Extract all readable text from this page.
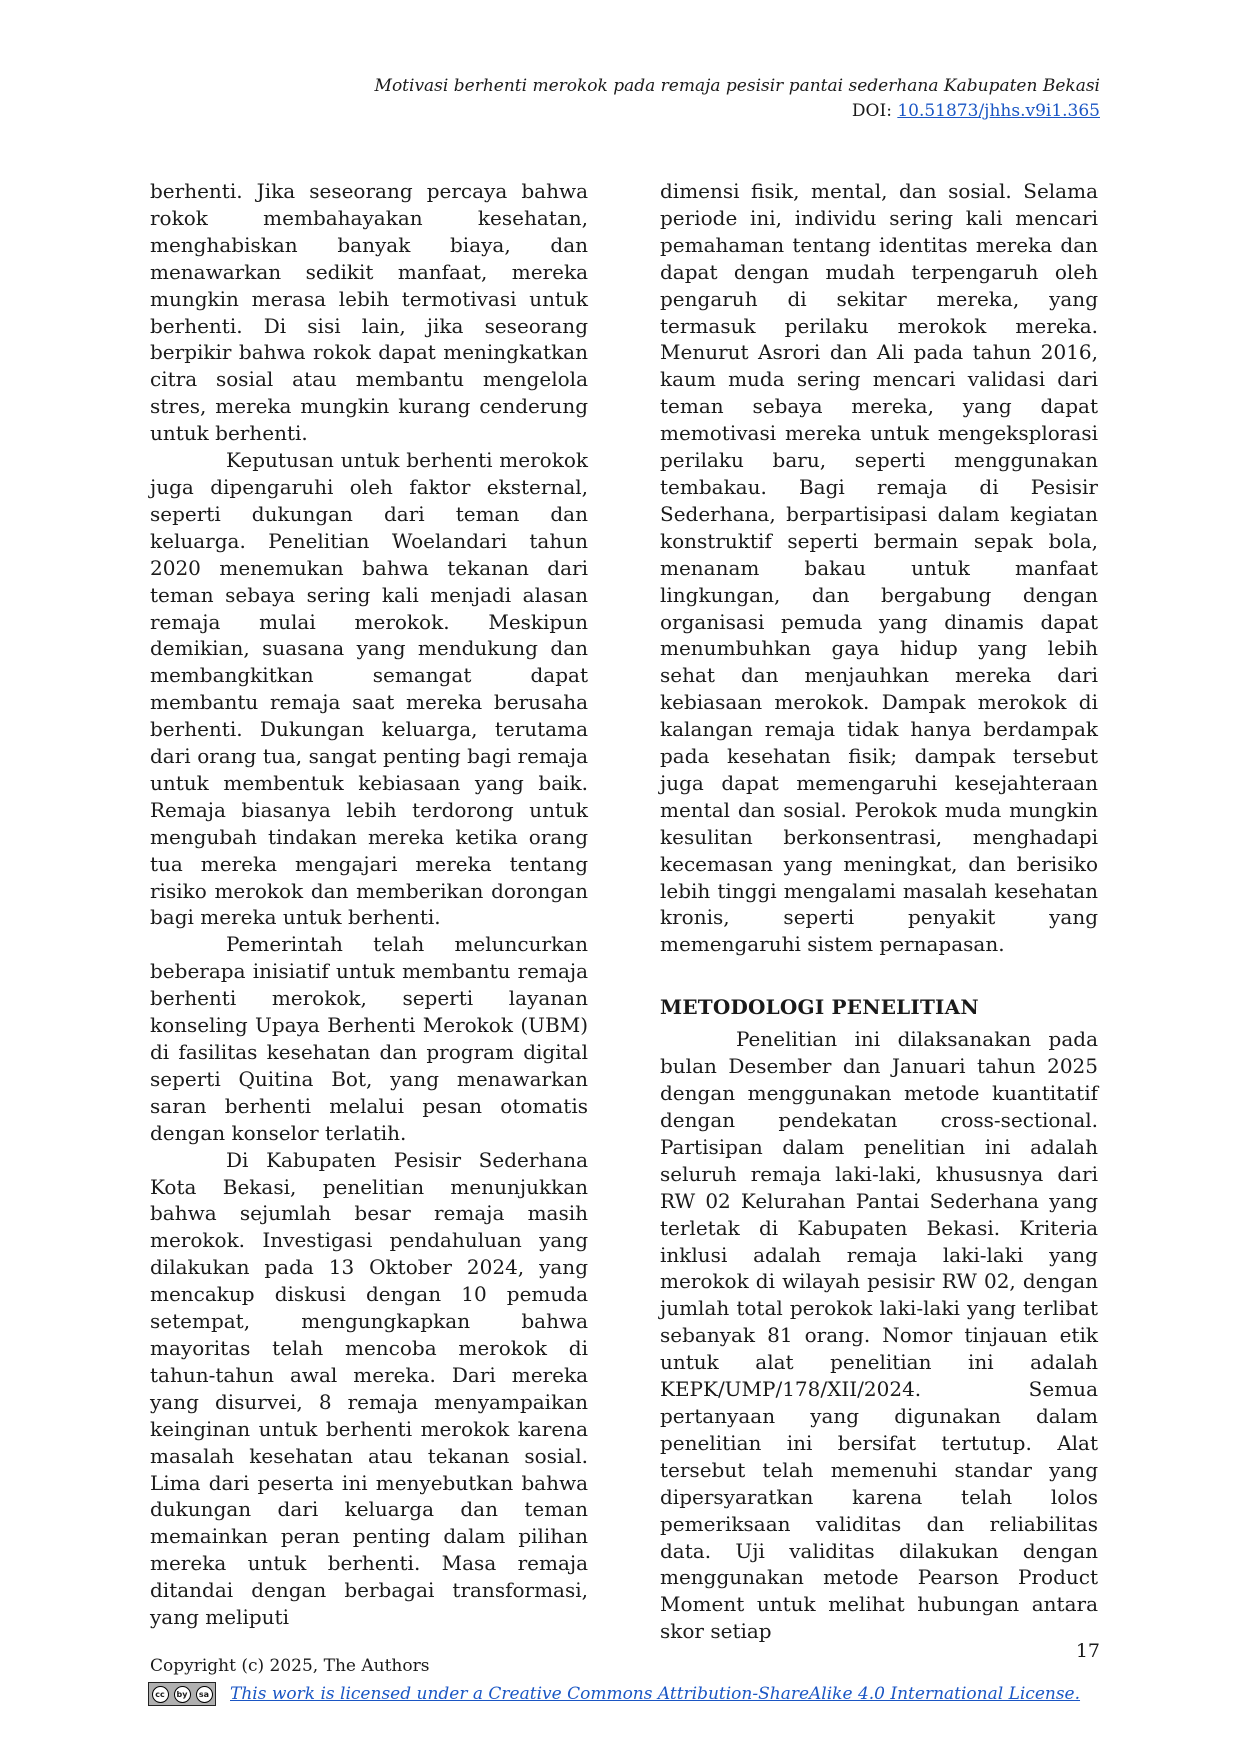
Motivasi berhenti merokok pada remaja pesisir pantai sederhana Kabupaten Bekasi
DOI: 10.51873/jhhs.v9i1.365

berhenti. Jika seseorang percaya bahwa rokok membahayakan kesehatan, menghabiskan banyak biaya, dan menawarkan sedikit manfaat, mereka mungkin merasa lebih termotivasi untuk berhenti. Di sisi lain, jika seseorang berpikir bahwa rokok dapat meningkatkan citra sosial atau membantu mengelola stres, mereka mungkin kurang cenderung untuk berhenti.

Keputusan untuk berhenti merokok juga dipengaruhi oleh faktor eksternal, seperti dukungan dari teman dan keluarga. Penelitian Woelandari tahun 2020 menemukan bahwa tekanan dari teman sebaya sering kali menjadi alasan remaja mulai merokok. Meskipun demikian, suasana yang mendukung dan membangkitkan semangat dapat membantu remaja saat mereka berusaha berhenti. Dukungan keluarga, terutama dari orang tua, sangat penting bagi remaja untuk membentuk kebiasaan yang baik. Remaja biasanya lebih terdorong untuk mengubah tindakan mereka ketika orang tua mereka mengajari mereka tentang risiko merokok dan memberikan dorongan bagi mereka untuk berhenti.

Pemerintah telah meluncurkan beberapa inisiatif untuk membantu remaja berhenti merokok, seperti layanan konseling Upaya Berhenti Merokok (UBM) di fasilitas kesehatan dan program digital seperti Quitina Bot, yang menawarkan saran berhenti melalui pesan otomatis dengan konselor terlatih.

Di Kabupaten Pesisir Sederhana Kota Bekasi, penelitian menunjukkan bahwa sejumlah besar remaja masih merokok. Investigasi pendahuluan yang dilakukan pada 13 Oktober 2024, yang mencakup diskusi dengan 10 pemuda setempat, mengungkapkan bahwa mayoritas telah mencoba merokok di tahun-tahun awal mereka. Dari mereka yang disurvei, 8 remaja menyampaikan keinginan untuk berhenti merokok karena masalah kesehatan atau tekanan sosial. Lima dari peserta ini menyebutkan bahwa dukungan dari keluarga dan teman memainkan peran penting dalam pilihan mereka untuk berhenti. Masa remaja ditandai dengan berbagai transformasi, yang meliputi

dimensi fisik, mental, dan sosial. Selama periode ini, individu sering kali mencari pemahaman tentang identitas mereka dan dapat dengan mudah terpengaruh oleh pengaruh di sekitar mereka, yang termasuk perilaku merokok mereka. Menurut Asrori dan Ali pada tahun 2016, kaum muda sering mencari validasi dari teman sebaya mereka, yang dapat memotivasi mereka untuk mengeksplorasi perilaku baru, seperti menggunakan tembakau. Bagi remaja di Pesisir Sederhana, berpartisipasi dalam kegiatan konstruktif seperti bermain sepak bola, menanam bakau untuk manfaat lingkungan, dan bergabung dengan organisasi pemuda yang dinamis dapat menumbuhkan gaya hidup yang lebih sehat dan menjauhkan mereka dari kebiasaan merokok. Dampak merokok di kalangan remaja tidak hanya berdampak pada kesehatan fisik; dampak tersebut juga dapat memengaruhi kesejahteraan mental dan sosial. Perokok muda mungkin kesulitan berkonsentrasi, menghadapi kecemasan yang meningkat, dan berisiko lebih tinggi mengalami masalah kesehatan kronis, seperti penyakit yang memengaruhi sistem pernapasan.

METODOLOGI PENELITIAN

Penelitian ini dilaksanakan pada bulan Desember dan Januari tahun 2025 dengan menggunakan metode kuantitatif dengan pendekatan cross-sectional. Partisipan dalam penelitian ini adalah seluruh remaja laki-laki, khususnya dari RW 02 Kelurahan Pantai Sederhana yang terletak di Kabupaten Bekasi. Kriteria inklusi adalah remaja laki-laki yang merokok di wilayah pesisir RW 02, dengan jumlah total perokok laki-laki yang terlibat sebanyak 81 orang. Nomor tinjauan etik untuk alat penelitian ini adalah KEPK/UMP/178/XII/2024. Semua pertanyaan yang digunakan dalam penelitian ini bersifat tertutup. Alat tersebut telah memenuhi standar yang dipersyaratkan karena telah lolos pemeriksaan validitas dan reliabilitas data. Uji validitas dilakukan dengan menggunakan metode Pearson Product Moment untuk melihat hubungan antara skor setiap

17
Copyright (c) 2025, The Authors
cc	by	sa This work is licensed under a Creative Commons Attribution-ShareAlike 4.0 International License.
